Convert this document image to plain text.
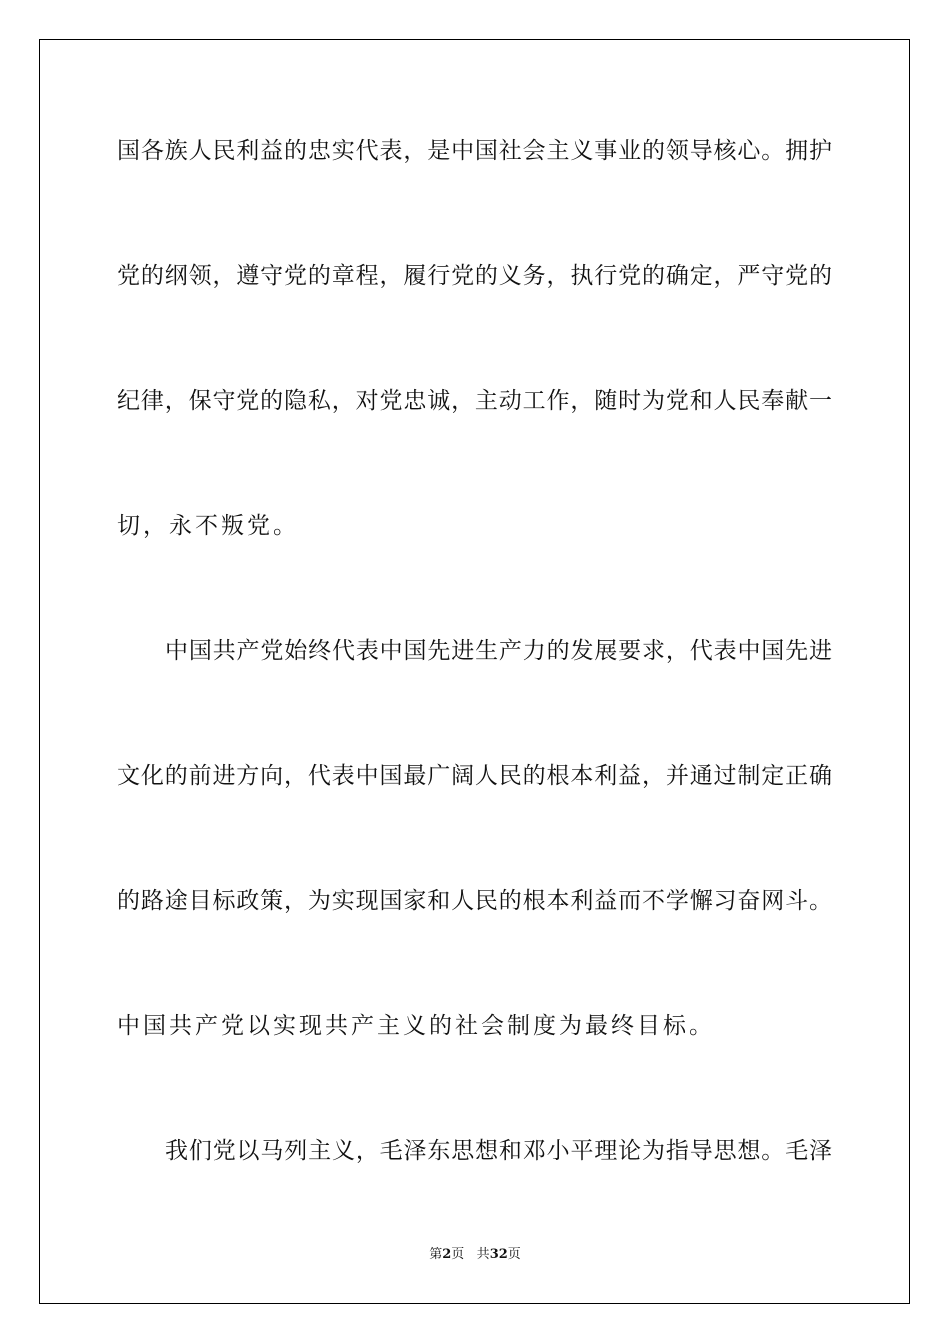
国各族人民利益的忠实代表，是中国社会主义事业的领导核心。拥护

党的纲领，遵守党的章程，履行党的义务，执行党的确定，严守党的

纪律，保守党的隐私，对党忠诚，主动工作，随时为党和人民奉献一

切，永不叛党。

中国共产党始终代表中国先进生产力的发展要求，代表中国先进

文化的前进方向，代表中国最广阔人民的根本利益，并通过制定正确

的路途目标政策，为实现国家和人民的根本利益而不学懈习奋网斗。

中国共产党以实现共产主义的社会制度为最终目标。

我们党以马列主义，毛泽东思想和邓小平理论为指导思想。毛泽

第2页 共32页
